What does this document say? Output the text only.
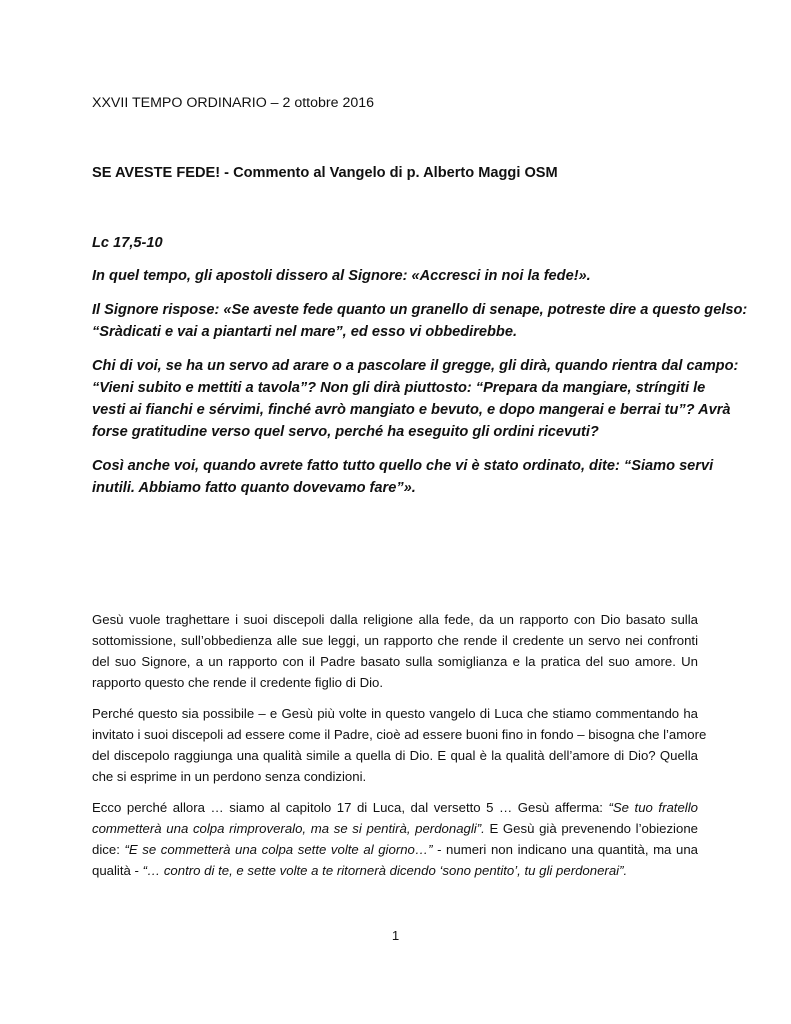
XXVII TEMPO ORDINARIO – 2 ottobre 2016
SE AVESTE FEDE! - Commento al Vangelo di p. Alberto Maggi OSM
Lc 17,5-10
In quel tempo, gli apostoli dissero al Signore: «Accresci in noi la fede!».
Il Signore rispose: «Se aveste fede quanto un granello di senape, potreste dire a questo gelso:
“Sràdicati e vai a piantarti nel mare”, ed esso vi obbedirebbe.
Chi di voi, se ha un servo ad arare o a pascolare il gregge, gli dirà, quando rientra dal campo:
“Vieni subito e mettiti a tavola”? Non gli dirà piuttosto: “Prepara da mangiare, stríngiti le
vesti ai fianchi e sérvimi, finché avrò mangiato e bevuto, e dopo mangerai e berrai tu”? Avrà
forse gratitudine verso quel servo, perché ha eseguito gli ordini ricevuti?
Così anche voi, quando avrete fatto tutto quello che vi è stato ordinato, dite: “Siamo servi
inutili. Abbiamo fatto quanto dovevamo fare”».
Gesù vuole traghettare i suoi discepoli dalla religione alla fede, da un rapporto con Dio basato sulla
sottomissione, sull’obbedienza alle sue leggi, un rapporto che rende il credente un servo nei confronti
del suo Signore, a un rapporto con il Padre basato sulla somiglianza e la pratica del suo amore. Un
rapporto questo che rende il credente figlio di Dio.
Perché questo sia possibile – e Gesù più volte in questo vangelo di Luca che stiamo commentando ha
invitato i suoi discepoli ad essere come il Padre, cioè ad essere buoni fino in fondo – bisogna che l’amore
del discepolo raggiunga una qualità simile a quella di Dio. E qual è la qualità dell’amore di Dio? Quella
che si esprime in un perdono senza condizioni.
Ecco perché allora … siamo al capitolo 17 di Luca, dal versetto 5 … Gesù afferma: “Se tuo fratello
commetterà una colpa rimproveralo, ma se si pentirà, perdonagli”. E Gesù già prevenendo l’obiezione
dice: “E se commetterà una colpa sette volte al giorno…” - numeri non indicano una quantità, ma una
qualità - “… contro di te, e sette volte a te ritornerà dicendo ‘sono pentito’, tu gli perdonerai”.
1
